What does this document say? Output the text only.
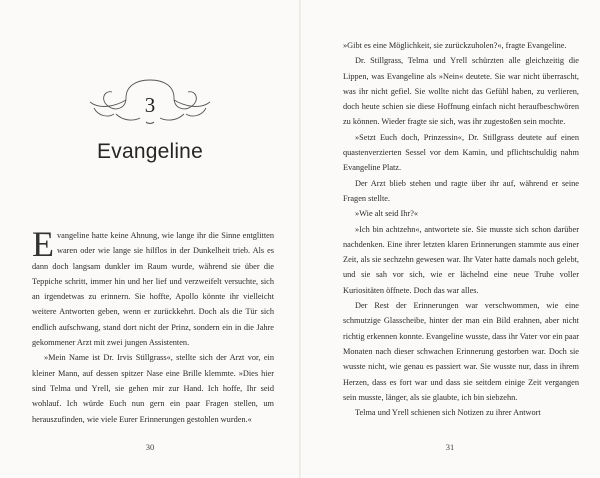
3
Evangeline

Evangeline hatte keine Ahnung, wie lange ihr die Sinne entglitten waren oder wie lange sie hilflos in der Dunkelheit trieb. Als es dann doch langsam dunkler im Raum wurde, während sie über die Teppiche schritt, immer hin und her lief und verzweifelt versuchte, sich an irgendetwas zu erinnern. Sie hoffte, Apollo könnte ihr vielleicht weitere Antworten geben, wenn er zurückkehrt. Doch als die Tür sich endlich aufschwang, stand dort nicht der Prinz, sondern ein in die Jahre gekommener Arzt mit zwei jungen Assistenten.

»Mein Name ist Dr. Irvis Stillgrass«, stellte sich der Arzt vor, ein kleiner Mann, auf dessen spitzer Nase eine Brille klemmte. »Dies hier sind Telma und Yrell, sie gehen mir zur Hand. Ich hoffe, Ihr seid wohlauf. Ich würde Euch nun gern ein paar Fragen stellen, um herauszufinden, wie viele Eurer Erinnerungen gestohlen wurden.«

30

»Gibt es eine Möglichkeit, sie zurückzuholen?«, fragte Evangeline.

Dr. Stillgrass, Telma und Yrell schürzten alle gleichzeitig die Lippen, was Evangeline als »Nein« deutete. Sie war nicht überrascht, was ihr nicht gefiel. Sie wollte nicht das Gefühl haben, zu verlieren, doch heute schien sie diese Hoffnung einfach nicht heraufbeschwören zu können. Wieder fragte sie sich, was ihr zugestoßen sein mochte.

»Setzt Euch doch, Prinzessin«, Dr. Stillgrass deutete auf einen quastenverzierten Sessel vor dem Kamin, und pflichtschuldig nahm Evangeline Platz.

Der Arzt blieb stehen und ragte über ihr auf, während er seine Fragen stellte.

»Wie alt seid Ihr?«

»Ich bin achtzehn«, antwortete sie. Sie musste sich schon darüber nachdenken. Eine ihrer letzten klaren Erinnerungen stammte aus einer Zeit, als sie sechzehn gewesen war. Ihr Vater hatte damals noch gelebt, und sie sah vor sich, wie er lächelnd eine neue Truhe voller Kuriositäten öffnete. Doch das war alles.

Der Rest der Erinnerungen war verschwommen, wie eine schmutzige Glasscheibe, hinter der man ein Bild erahnen, aber nicht richtig erkennen konnte. Evangeline wusste, dass ihr Vater vor ein paar Monaten nach dieser schwachen Erinnerung gestorben war. Doch sie wusste nicht, wie genau es passiert war. Sie wusste nur, dass in ihrem Herzen, dass es fort war und dass sie seitdem einige Zeit vergangen sein musste, länger, als sie glaubte, ich bin siebzehn.

Telma und Yrell schienen sich Notizen zu ihrer Antwort

31
